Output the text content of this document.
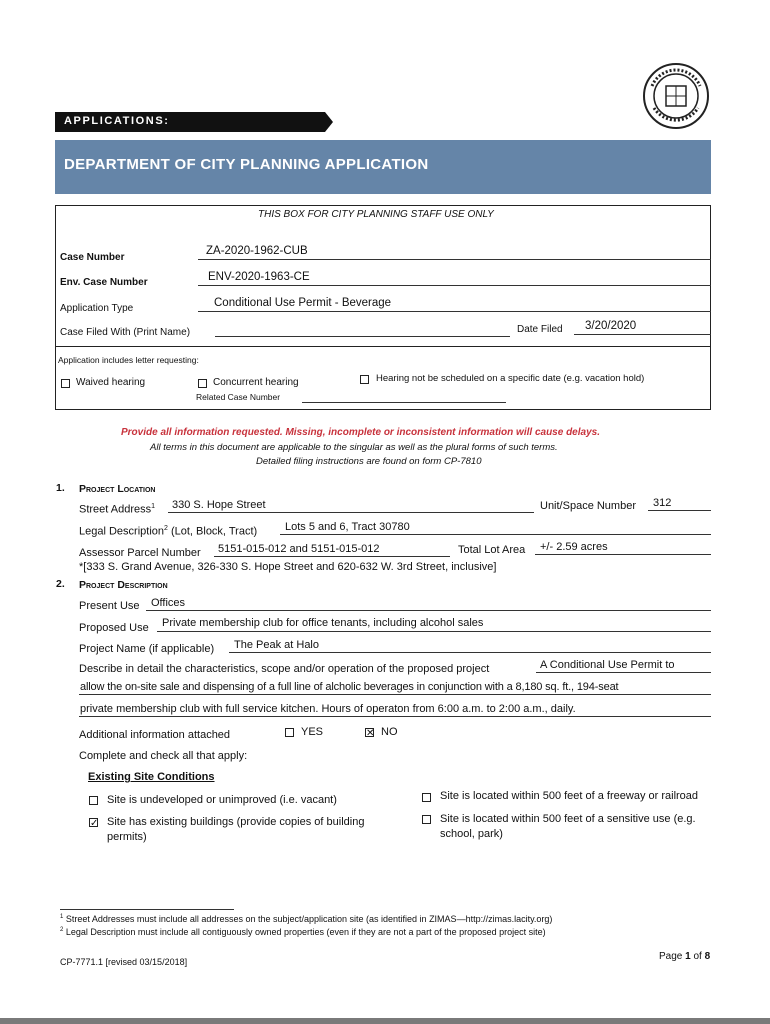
APPLICATIONS:
DEPARTMENT OF CITY PLANNING APPLICATION
THIS BOX FOR CITY PLANNING STAFF USE ONLY
Case Number
ZA-2020-1962-CUB
Env. Case Number	ENV-2020-1963-CE
Application Type	Conditional Use Permit - Beverage
Case Filed With (Print Name)	Date Filed 3/20/2020
Application includes letter requesting:
Waived hearing	Concurrent hearing
Related Case Number
Hearing not be scheduled on a specific date (e.g. vacation hold)
Provide all information requested. Missing, incomplete or inconsistent information will cause delays.
All terms in this document are applicable to the singular as well as the plural forms of such terms.
Detailed filing instructions are found on form CP-7810
1. Project Location
Street Address$^1$ 330 S. Hope Street	Unit/Space Number 312
Legal Description$^2$ (Lot, Block, Tract)	Lots 5 and 6, Tract 30780
Assessor Parcel Number 5151-015-012 and 5151-015-012	Total Lot Area +/- 2.59 acres
*[333 S. Grand Avenue, 326-330 S. Hope Street and 620-632 W. 3rd Street, inclusive]
2. Project Description
Present Use Offices
Proposed Use Private membership club for office tenants, including alcohol sales
Project Name (if applicable) The Peak at Halo
Describe in detail the characteristics, scope and/or operation of the proposed project	A Conditional Use Permit to
allow the on-site sale and dispensing of a full line of alcholic beverages in conjunction with a 8,180 sq. ft., 194-seat
private membership club with full service kitchen. Hours of operaton from 6:00 a.m. to 2:00 a.m., daily.
Additional information attached	YES	✕ NO
Complete and check all that apply:
Existing Site Conditions
Site is undeveloped or unimproved (i.e. vacant)
✓ Site has existing buildings (provide copies of building
permits)
Site is located within 500 feet of a freeway or railroad
Site is located within 500 feet of a sensitive use (e.g.
school, park)
$^1$ Street Addresses must include all addresses on the subject/application site (as identified in ZIMAS—http://zimas.lacity.org)
$^2$ Legal Description must include all contiguously owned properties (even if they are not a part of the proposed project site)
CP-7771.1 [revised 03/15/2018]	Page 1 of 8
